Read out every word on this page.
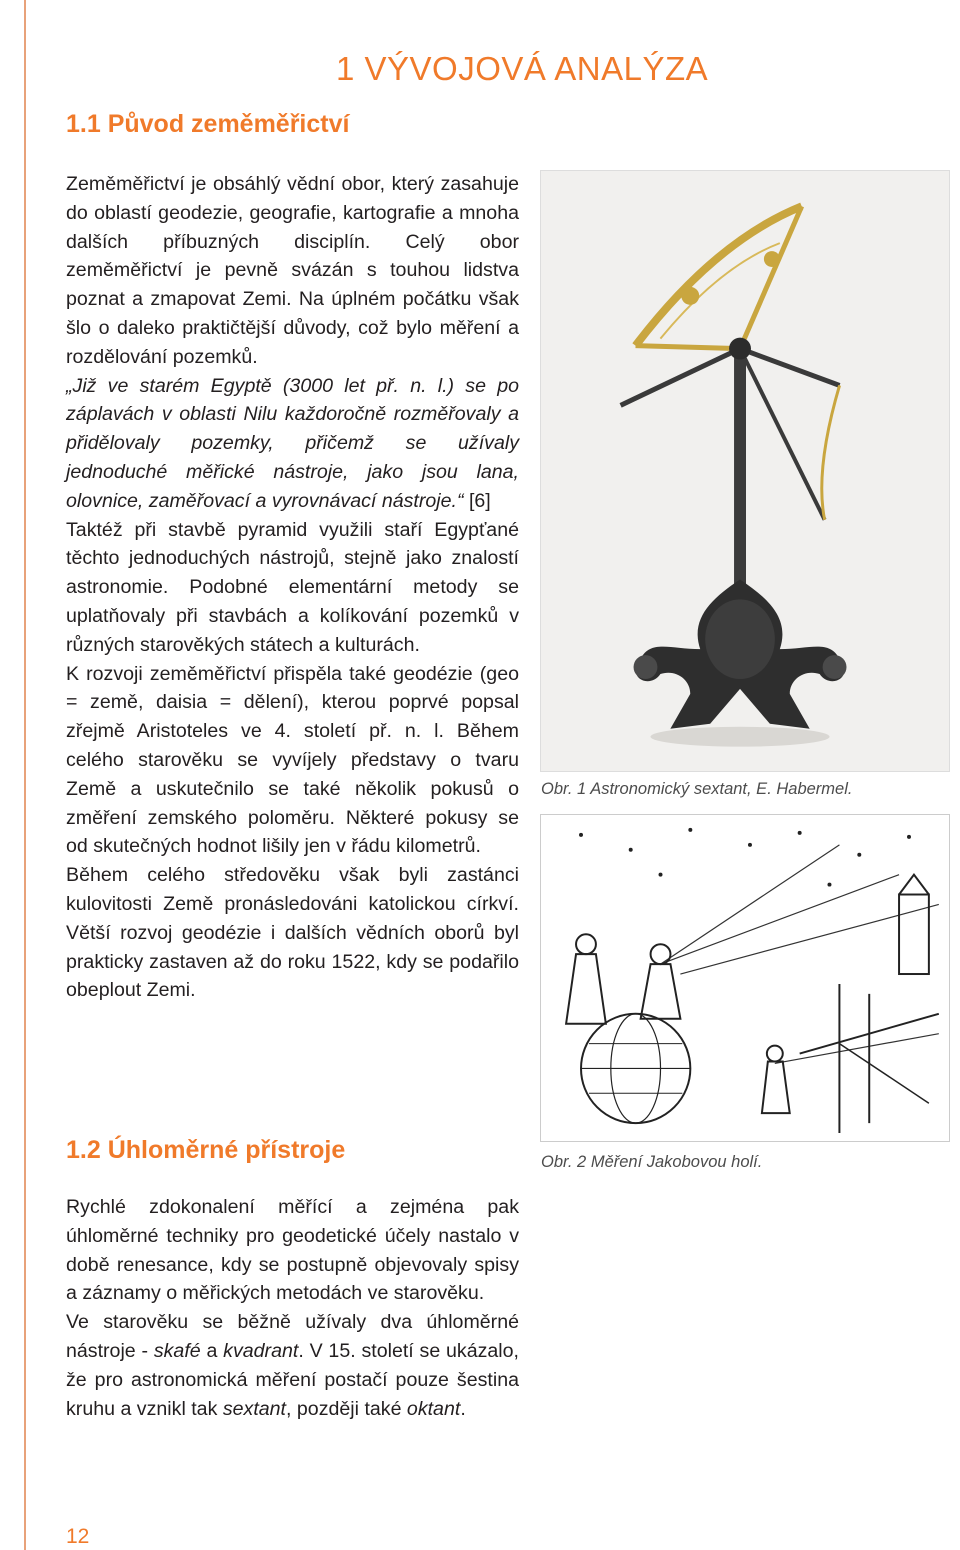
1 VÝVOJOVÁ ANALÝZA
1.1 Původ zeměměřictví

Zeměměřictví je obsáhlý vědní obor, který zasahuje do oblastí geodezie, geografie, kartografie a mnoha dalších příbuzných disciplín. Celý obor zeměměřictví je pevně svázán s touhou lidstva poznat a zmapovat Zemi. Na úplném počátku však šlo o daleko praktičtější důvody, což bylo měření a rozdělování pozemků.

„Již ve starém Egyptě (3000 let př. n. l.) se po záplavách v oblasti Nilu každoročně rozměřovaly a přidělovaly pozemky, přičemž se užívaly jednoduché měřické nástroje, jako jsou lana, olovnice, zaměřovací a vyrovnávací nástroje.“ [6]

Taktéž při stavbě pyramid využili staří Egypťané těchto jednoduchých nástrojů, stejně jako znalostí astronomie. Podobné elementární metody se uplatňovaly při stavbách a kolíkování pozemků v různých starověkých státech a kulturách.

K rozvoji zeměměřictví přispěla také geodézie (geo = země, daisia = dělení), kterou poprvé popsal zřejmě Aristoteles ve 4. století př. n. l. Během celého starověku se vyvíjely představy o tvaru Země a uskutečnilo se také několik pokusů o změření zemského poloměru. Některé pokusy se od skutečných hodnot lišily jen v řádu kilometrů.

Během celého středověku však byli zastánci kulovitosti Země pronásledováni katolickou církví. Větší rozvoj geodézie i dalších vědních oborů byl prakticky zastaven až do roku 1522, kdy se podařilo obeplout Zemi.

1.2 Úhloměrné přístroje

Rychlé zdokonalení měřící a zejména pak úhloměrné techniky pro geodetické účely nastalo v době renesance, kdy se postupně objevovaly spisy a záznamy o měřických metodách ve starověku.

Ve starověku se běžně užívaly dva úhloměrné nástroje - skafé a kvadrant. V 15. století se ukázalo, že pro astronomická měření postačí pouze šestina kruhu a vznikl tak sextant, později také oktant.

Obr. 1 Astronomický sextant, E. Habermel.

Obr. 2 Měření Jakobovou holí.

12
